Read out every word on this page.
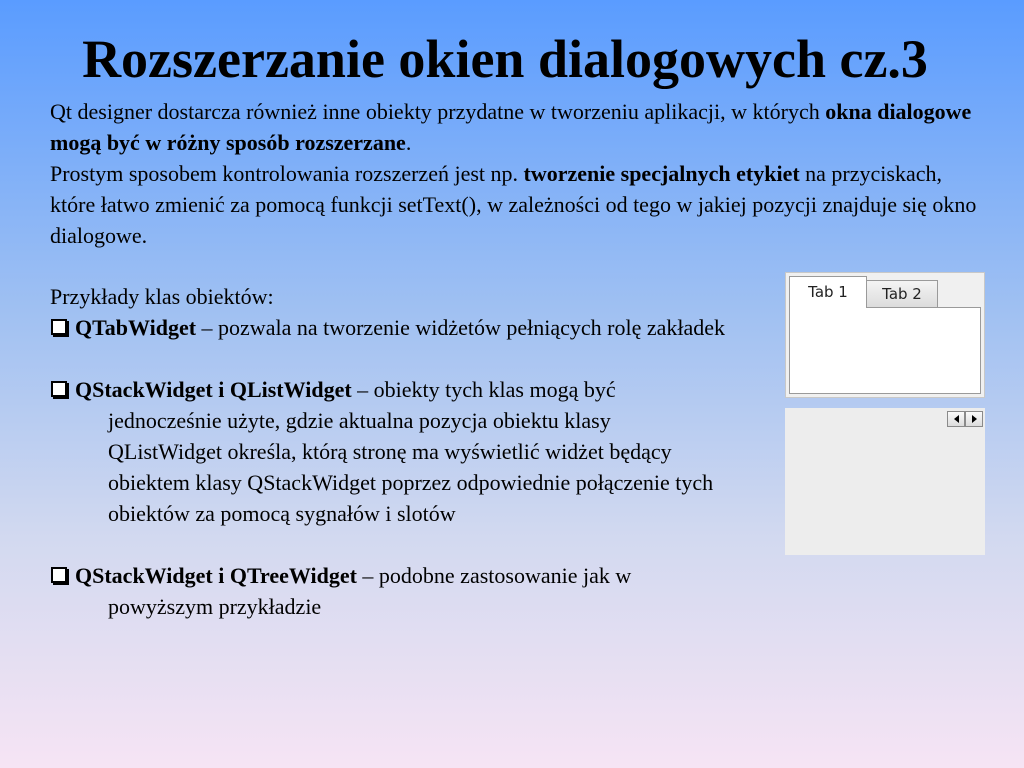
Rozszerzanie okien dialogowych cz.3

Qt designer dostarcza również inne obiekty przydatne w tworzeniu aplikacji, w których okna dialogowe mogą być w różny sposób rozszerzane.

Prostym sposobem kontrolowania rozszerzeń jest np. tworzenie specjalnych etykiet na przyciskach, które łatwo zmienić za pomocą funkcji setText(), w zależności od tego w jakiej pozycji znajduje się okno dialogowe.

Przykłady klas obiektów:

QTabWidget – pozwala na tworzenie widżetów pełniących rolę zakładek

QStackWidget i QListWidget – obiekty tych klas mogą być jednocześnie użyte, gdzie aktualna pozycja obiektu klasy QListWidget określa, którą stronę ma wyświetlić widżet będący obiektem klasy QStackWidget poprzez odpowiednie połączenie tych obiektów za pomocą sygnałów i slotów

QStackWidget i QTreeWidget – podobne zastosowanie jak w powyższym przykładzie

Tab 1	Tab 2
